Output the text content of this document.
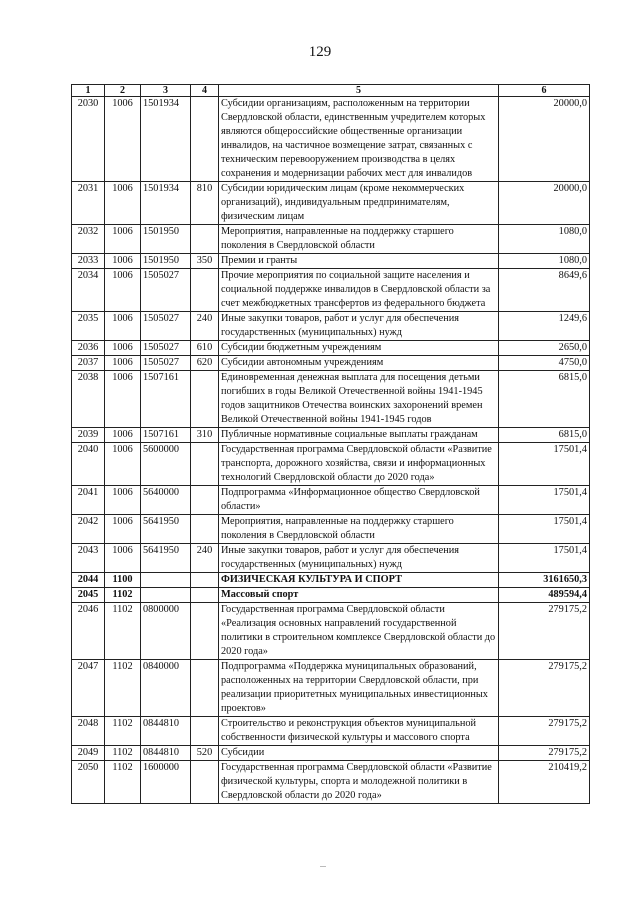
129
1	2	3	4	5	6
2030	1006	1501934		Субсидии организациям, расположенным на территории Свердловской области, единственным учредителем которых являются общероссийские общественные организации инвалидов, на частичное возмещение затрат, связанных с техническим перевооружением производства в целях сохранения и модернизации рабочих мест для инвалидов	20000,0
2031	1006	1501934	810	Субсидии юридическим лицам (кроме некоммерческих организаций), индивидуальным предпринимателям, физическим лицам	20000,0
2032	1006	1501950		Мероприятия, направленные на поддержку старшего поколения в Свердловской области	1080,0
2033	1006	1501950	350	Премии и гранты	1080,0
2034	1006	1505027		Прочие мероприятия по социальной защите населения и социальной поддержке инвалидов в Свердловской области за счет межбюджетных трансфертов из федерального бюджета	8649,6
2035	1006	1505027	240	Иные закупки товаров, работ и услуг для обеспечения государственных (муниципальных) нужд	1249,6
2036	1006	1505027	610	Субсидии бюджетным учреждениям	2650,0
2037	1006	1505027	620	Субсидии автономным учреждениям	4750,0
2038	1006	1507161		Единовременная денежная выплата для посещения детьми погибших в годы Великой Отечественной войны 1941-1945 годов защитников Отечества воинских захоронений времен Великой Отечественной войны 1941-1945 годов	6815,0
2039	1006	1507161	310	Публичные нормативные социальные выплаты гражданам	6815,0
2040	1006	5600000		Государственная программа Свердловской области «Развитие транспорта, дорожного хозяйства, связи и информационных технологий Свердловской области до 2020 года»	17501,4
2041	1006	5640000		Подпрограмма «Информационное общество Свердловской области»	17501,4
2042	1006	5641950		Мероприятия, направленные на поддержку старшего поколения в Свердловской области	17501,4
2043	1006	5641950	240	Иные закупки товаров, работ и услуг для обеспечения государственных (муниципальных) нужд	17501,4
2044	1100			ФИЗИЧЕСКАЯ КУЛЬТУРА И СПОРТ	3161650,3
2045	1102			Массовый спорт	489594,4
2046	1102	0800000		Государственная программа Свердловской области «Реализация основных направлений государственной политики в строительном комплексе Свердловской области до 2020 года»	279175,2
2047	1102	0840000		Подпрограмма «Поддержка муниципальных образований, расположенных на территории Свердловской области, при реализации приоритетных муниципальных инвестиционных проектов»	279175,2
2048	1102	0844810		Строительство и реконструкция объектов муниципальной собственности физической культуры и массового спорта	279175,2
2049	1102	0844810	520	Субсидии	279175,2
2050	1102	1600000		Государственная программа Свердловской области «Развитие физической культуры, спорта и молодежной политики в Свердловской области до 2020 года»	210419,2
